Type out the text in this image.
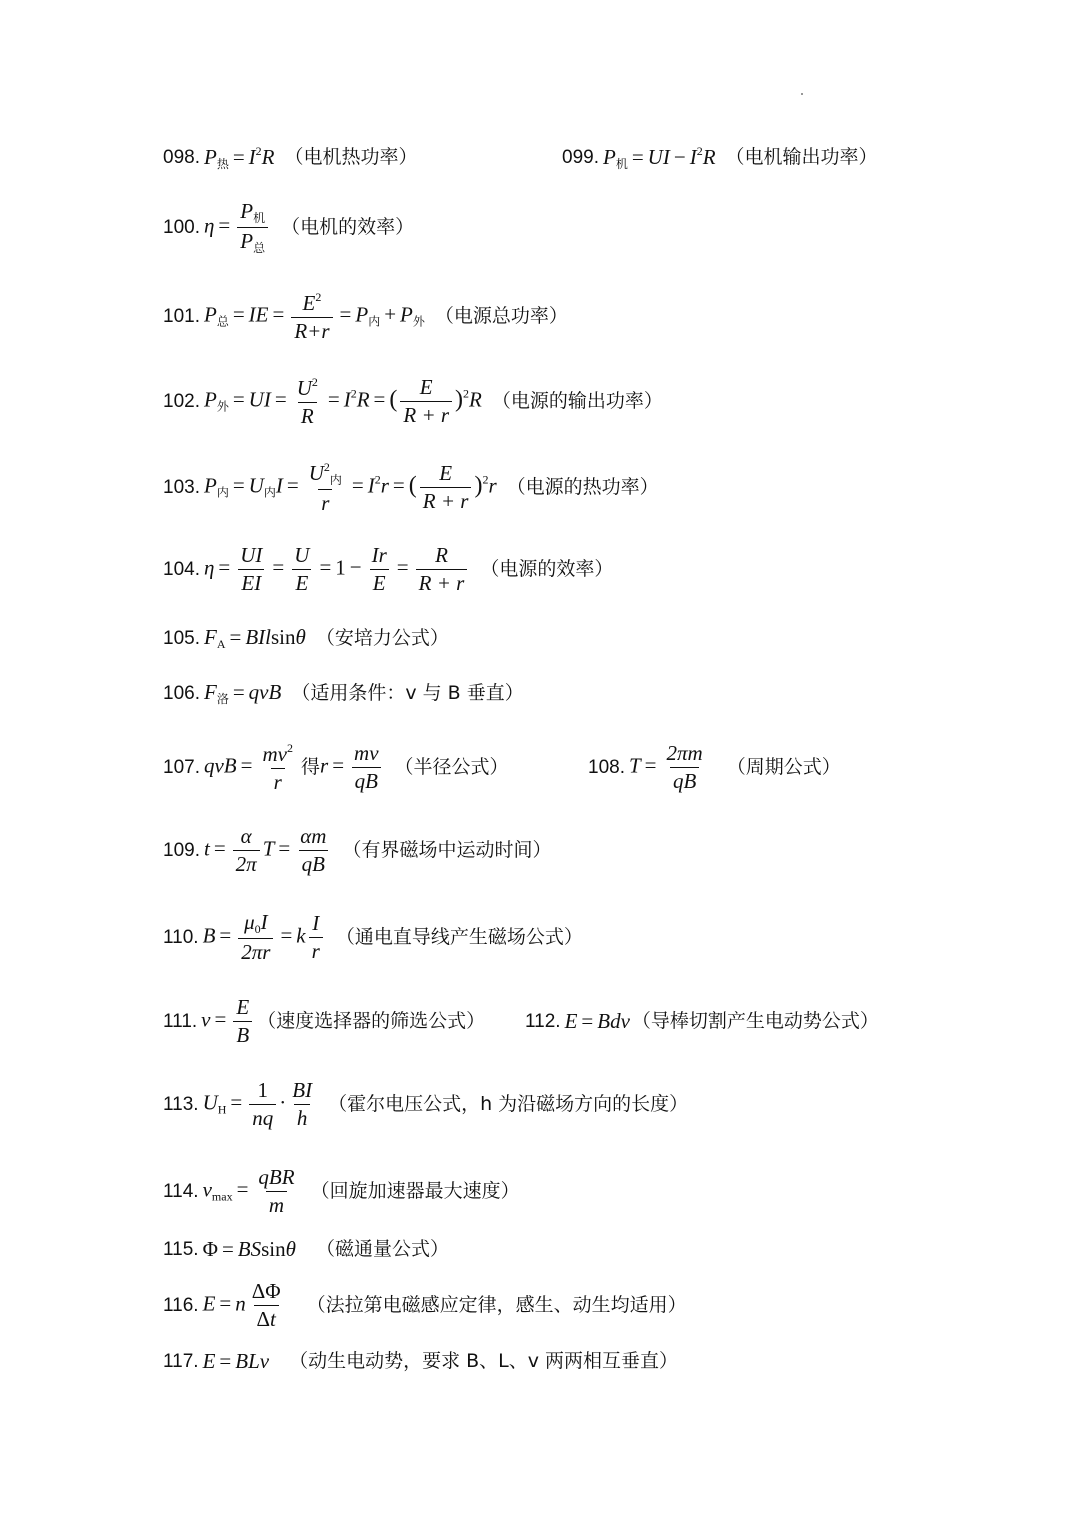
098. $P_热 = I^2R$ （电机热功率）	099. $P_机$ = UI − $I^2R$ （电机输出功率）
100. $\eta = \frac{P_机}{P_总}$ （电机的效率）
101. $P_总$ = IE = $\frac{E^2}{R+r} = P_内 + P_外$ （电源总功率）
102. $P_外$ = UI = $\frac{U^2}{R} = I^2R$ = ( $\frac{E}{R + r} )^2R$ （电源的输出功率）
103. $P_内 = U_内I = \frac{U^2_内}{r} = I^2r$ = ( $\frac{E}{R + r} )^2r$ （电源的热功率）
104. $\eta = \frac{UI}{EI} = \frac{U}{E} = 1 - \frac{Ir}{E} = \frac{R}{R + r}$ （电源的效率）
105. $F_A = BIlsin\theta$ （安培力公式）
106. $F_洛$ = qvB （适用条件：v 与 B 垂直）
107. qvB = $\frac{mv^2}{r}$ 得 $r = \frac{mv}{qB}$ （半径公式）	108. $T = \frac{2\pi m}{qB}$ （周期公式）
109. $t = \frac{\alpha}{2\pi}$ $T = \frac{\alpha m}{qB}$ （有界磁场中运动时间）
110. $B = \frac{\mu_0I}{2\pi r} = k \frac{I}{r}$ （通电直导线产生磁场公式）
111. $v = \frac{E}{B}$ （速度选择器的筛选公式） 112. E = Bdv （导棒切割产生电动势公式）
113. $U_H = \frac{1}{nq} \cdot \frac{BI}{h}$ （霍尔电压公式，h 为沿磁场方向的长度）
114. $v_{max} = \frac{\text{qBR}}{m}$ （回旋加速器最大速度）
115. Φ = BSsinθ （磁通量公式）
116. E = n $\frac{\Delta\Phi}{\Delta t}$ （法拉第电磁感应定律，感生、动生均适用）
117. E = BLv （动生电动势，要求 B、L、v 两两相互垂直）
